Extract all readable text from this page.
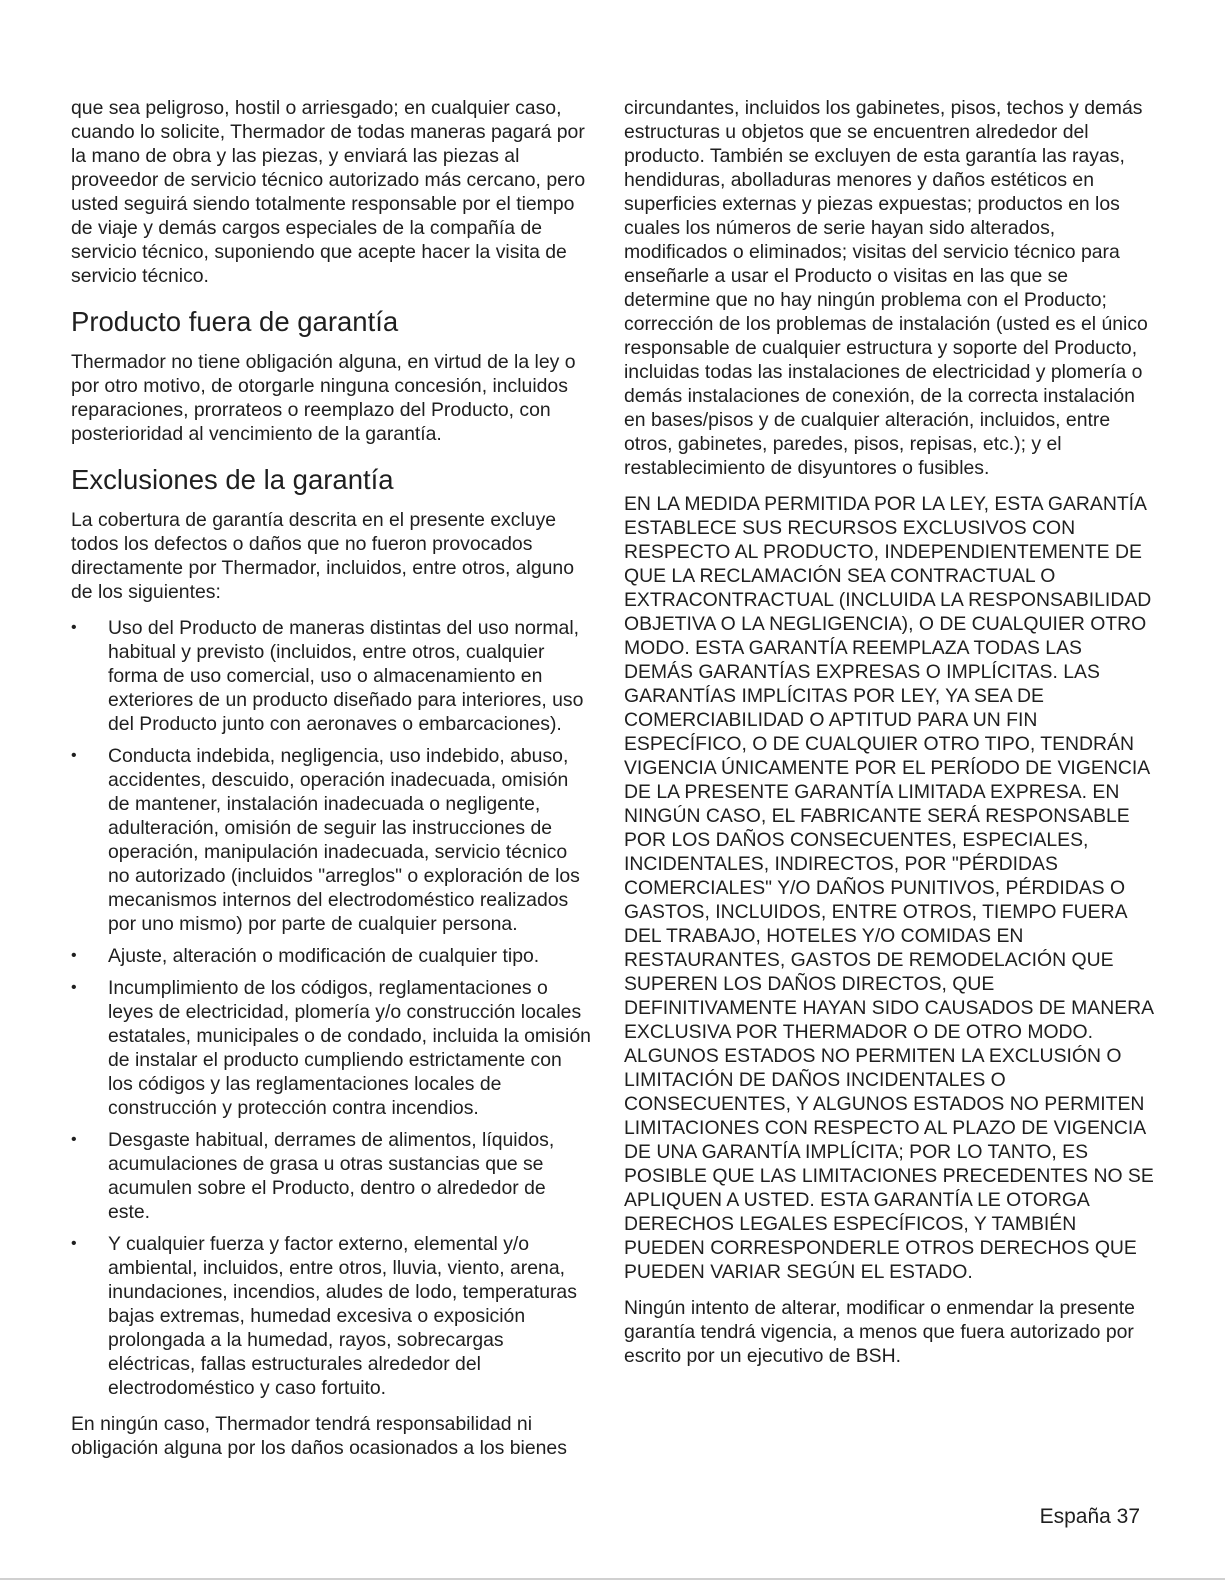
que sea peligroso, hostil o arriesgado; en cualquier caso, cuando lo solicite, Thermador de todas maneras pagará por la mano de obra y las piezas, y enviará las piezas al proveedor de servicio técnico autorizado más cercano, pero usted seguirá siendo totalmente responsable por el tiempo de viaje y demás cargos especiales de la compañía de servicio técnico, suponiendo que acepte hacer la visita de servicio técnico.

Producto fuera de garantía

Thermador no tiene obligación alguna, en virtud de la ley o por otro motivo, de otorgarle ninguna concesión, incluidos reparaciones, prorrateos o reemplazo del Producto, con posterioridad al vencimiento de la garantía.

Exclusiones de la garantía

La cobertura de garantía descrita en el presente excluye todos los defectos o daños que no fueron provocados directamente por Thermador, incluidos, entre otros, alguno de los siguientes:

• Uso del Producto de maneras distintas del uso normal, habitual y previsto (incluidos, entre otros, cualquier forma de uso comercial, uso o almacenamiento en exteriores de un producto diseñado para interiores, uso del Producto junto con aeronaves o embarcaciones).
• Conducta indebida, negligencia, uso indebido, abuso, accidentes, descuido, operación inadecuada, omisión de mantener, instalación inadecuada o negligente, adulteración, omisión de seguir las instrucciones de operación, manipulación inadecuada, servicio técnico no autorizado (incluidos "arreglos" o exploración de los mecanismos internos del electrodoméstico realizados por uno mismo) por parte de cualquier persona.
• Ajuste, alteración o modificación de cualquier tipo.
• Incumplimiento de los códigos, reglamentaciones o leyes de electricidad, plomería y/o construcción locales estatales, municipales o de condado, incluida la omisión de instalar el producto cumpliendo estrictamente con los códigos y las reglamentaciones locales de construcción y protección contra incendios.
• Desgaste habitual, derrames de alimentos, líquidos, acumulaciones de grasa u otras sustancias que se acumulen sobre el Producto, dentro o alrededor de este.
• Y cualquier fuerza y factor externo, elemental y/o ambiental, incluidos, entre otros, lluvia, viento, arena, inundaciones, incendios, aludes de lodo, temperaturas bajas extremas, humedad excesiva o exposición prolongada a la humedad, rayos, sobrecargas eléctricas, fallas estructurales alrededor del electrodoméstico y caso fortuito.

En ningún caso, Thermador tendrá responsabilidad ni obligación alguna por los daños ocasionados a los bienes

circundantes, incluidos los gabinetes, pisos, techos y demás estructuras u objetos que se encuentren alrededor del producto. También se excluyen de esta garantía las rayas, hendiduras, abolladuras menores y daños estéticos en superficies externas y piezas expuestas; productos en los cuales los números de serie hayan sido alterados, modificados o eliminados; visitas del servicio técnico para enseñarle a usar el Producto o visitas en las que se determine que no hay ningún problema con el Producto; corrección de los problemas de instalación (usted es el único responsable de cualquier estructura y soporte del Producto, incluidas todas las instalaciones de electricidad y plomería o demás instalaciones de conexión, de la correcta instalación en bases/pisos y de cualquier alteración, incluidos, entre otros, gabinetes, paredes, pisos, repisas, etc.); y el restablecimiento de disyuntores o fusibles.

EN LA MEDIDA PERMITIDA POR LA LEY, ESTA GARANTÍA ESTABLECE SUS RECURSOS EXCLUSIVOS CON RESPECTO AL PRODUCTO, INDEPENDIENTEMENTE DE QUE LA RECLAMACIÓN SEA CONTRACTUAL O EXTRACONTRACTUAL (INCLUIDA LA RESPONSABILIDAD OBJETIVA O LA NEGLIGENCIA), O DE CUALQUIER OTRO MODO. ESTA GARANTÍA REEMPLAZA TODAS LAS DEMÁS GARANTÍAS EXPRESAS O IMPLÍCITAS. LAS GARANTÍAS IMPLÍCITAS POR LEY, YA SEA DE COMERCIABILIDAD O APTITUD PARA UN FIN ESPECÍFICO, O DE CUALQUIER OTRO TIPO, TENDRÁN VIGENCIA ÚNICAMENTE POR EL PERÍODO DE VIGENCIA DE LA PRESENTE GARANTÍA LIMITADA EXPRESA. EN NINGÚN CASO, EL FABRICANTE SERÁ RESPONSABLE POR LOS DAÑOS CONSECUENTES, ESPECIALES, INCIDENTALES, INDIRECTOS, POR "PÉRDIDAS COMERCIALES" Y/O DAÑOS PUNITIVOS, PÉRDIDAS O GASTOS, INCLUIDOS, ENTRE OTROS, TIEMPO FUERA DEL TRABAJO, HOTELES Y/O COMIDAS EN RESTAURANTES, GASTOS DE REMODELACIÓN QUE SUPEREN LOS DAÑOS DIRECTOS, QUE DEFINITIVAMENTE HAYAN SIDO CAUSADOS DE MANERA EXCLUSIVA POR THERMADOR O DE OTRO MODO. ALGUNOS ESTADOS NO PERMITEN LA EXCLUSIÓN O LIMITACIÓN DE DAÑOS INCIDENTALES O CONSECUENTES, Y ALGUNOS ESTADOS NO PERMITEN LIMITACIONES CON RESPECTO AL PLAZO DE VIGENCIA DE UNA GARANTÍA IMPLÍCITA; POR LO TANTO, ES POSIBLE QUE LAS LIMITACIONES PRECEDENTES NO SE APLIQUEN A USTED. ESTA GARANTÍA LE OTORGA DERECHOS LEGALES ESPECÍFICOS, Y TAMBIÉN PUEDEN CORRESPONDERLE OTROS DERECHOS QUE PUEDEN VARIAR SEGÚN EL ESTADO.

Ningún intento de alterar, modificar o enmendar la presente garantía tendrá vigencia, a menos que fuera autorizado por escrito por un ejecutivo de BSH.

España 37
